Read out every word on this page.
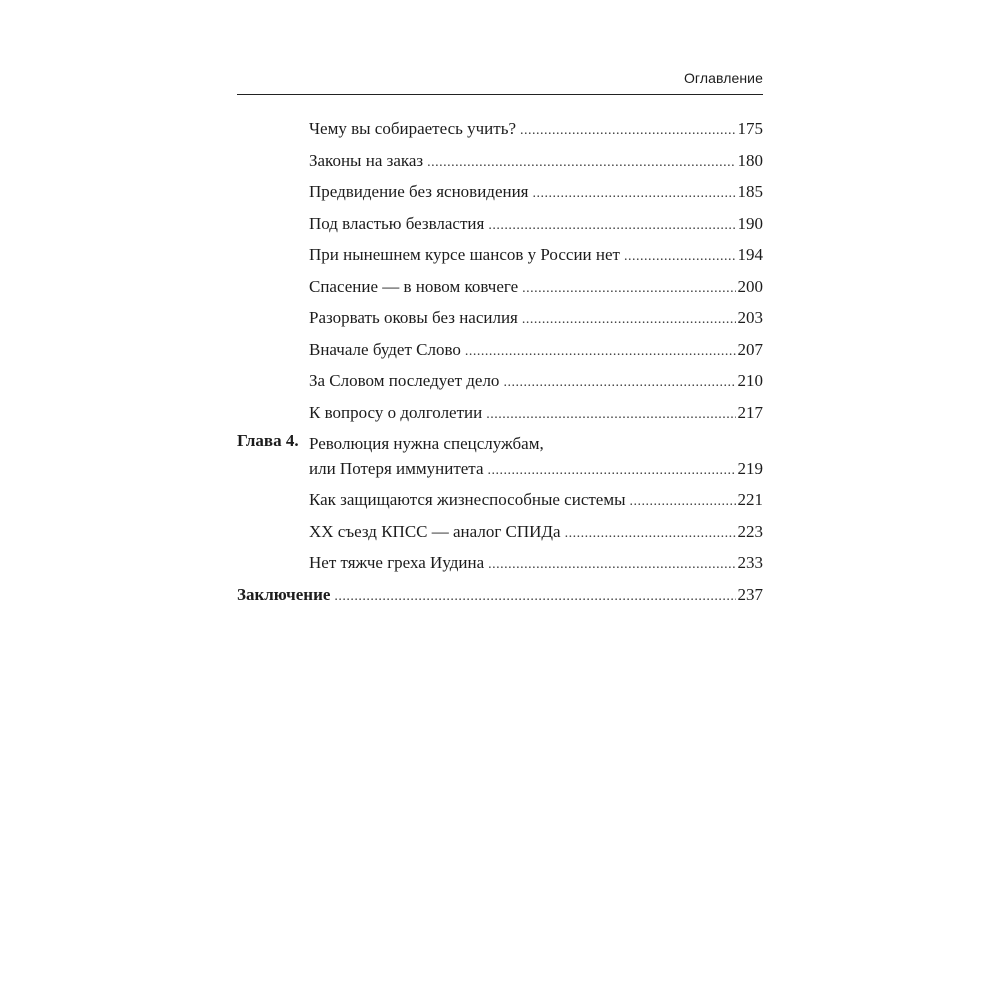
Оглавление
Чему вы собираетесь учить? .....	175
Законы на заказ .....	180
Предвидение без ясновидения .....	185
Под властью безвластия .....	190
При нынешнем курсе шансов у России нет .....	194
Спасение — в новом ковчеге .....	200
Разорвать оковы без насилия .....	203
Вначале будет Слово .....	207
За Словом последует дело .....	210
К вопросу о долголетии .....	217
Глава 4. Революция нужна спецслужбам,
или Потеря иммунитета .....	219
Как защищаются жизнеспособные системы .....	221
XX съезд КПСС — аналог СПИДа .....	223
Нет тяжче греха Иудина .....	233
Заключение .....	237
